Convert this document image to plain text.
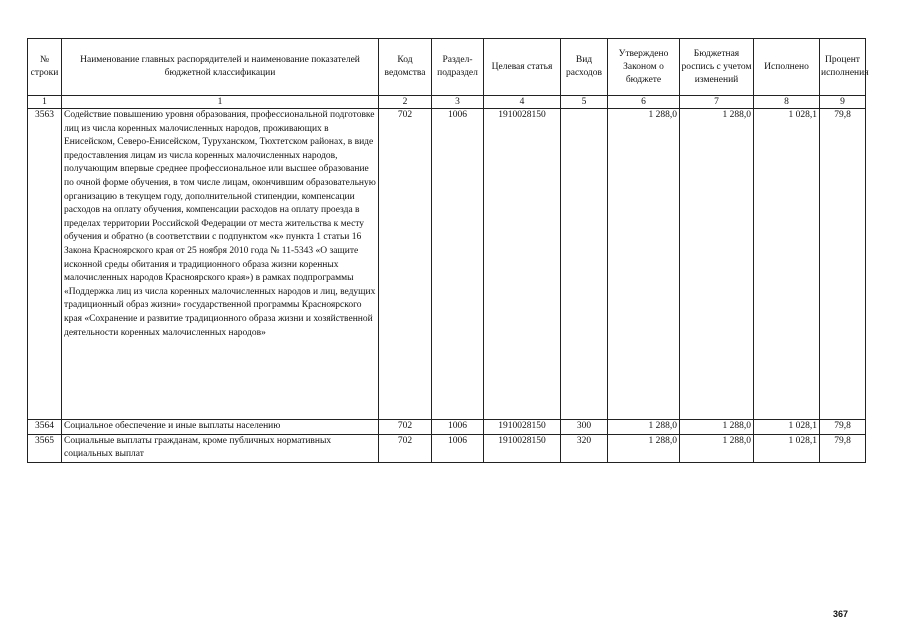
№ строки	Наименование главных распорядителей и наименование показателей бюджетной классификации	Код ведомства	Раздел-подраздел	Целевая статья	Вид расходов	Утверждено Законом о бюджете	Бюджетная роспись с учетом изменений	Исполнено	Процент исполнения
1	1	2	3	4	5	6	7	8	9
3563	Содействие повышению уровня образования, профессиональной подготовке лиц из числа коренных малочисленных народов, проживающих в Енисейском, Северо-Енисейском, Туруханском, Тюхтетском районах, в виде предоставления лицам из числа коренных малочисленных народов, получающим впервые среднее профессиональное или высшее образование по очной форме обучения, в том числе лицам, окончившим образовательную организацию в текущем году, дополнительной стипендии, компенсации расходов на оплату обучения, компенсации расходов на оплату проезда в пределах территории Российской Федерации от места жительства к месту обучения и обратно (в соответствии с подпунктом «к» пункта 1 статьи 16 Закона Красноярского края от 25 ноября 2010 года № 11-5343 «О защите исконной среды обитания и традиционного образа жизни коренных малочисленных народов Красноярского края») в рамках подпрограммы «Поддержка лиц из числа коренных малочисленных народов и лиц, ведущих традиционный образ жизни» государственной программы Красноярского края «Сохранение и развитие традиционного образа жизни и хозяйственной деятельности коренных малочисленных народов»	702	1006	1910028150		1 288,0	1 288,0	1 028,1	79,8
3564	Социальное обеспечение и иные выплаты населению	702	1006	1910028150	300	1 288,0	1 288,0	1 028,1	79,8
3565	Социальные выплаты гражданам, кроме публичных нормативных социальных выплат	702	1006	1910028150	320	1 288,0	1 288,0	1 028,1	79,8
367
